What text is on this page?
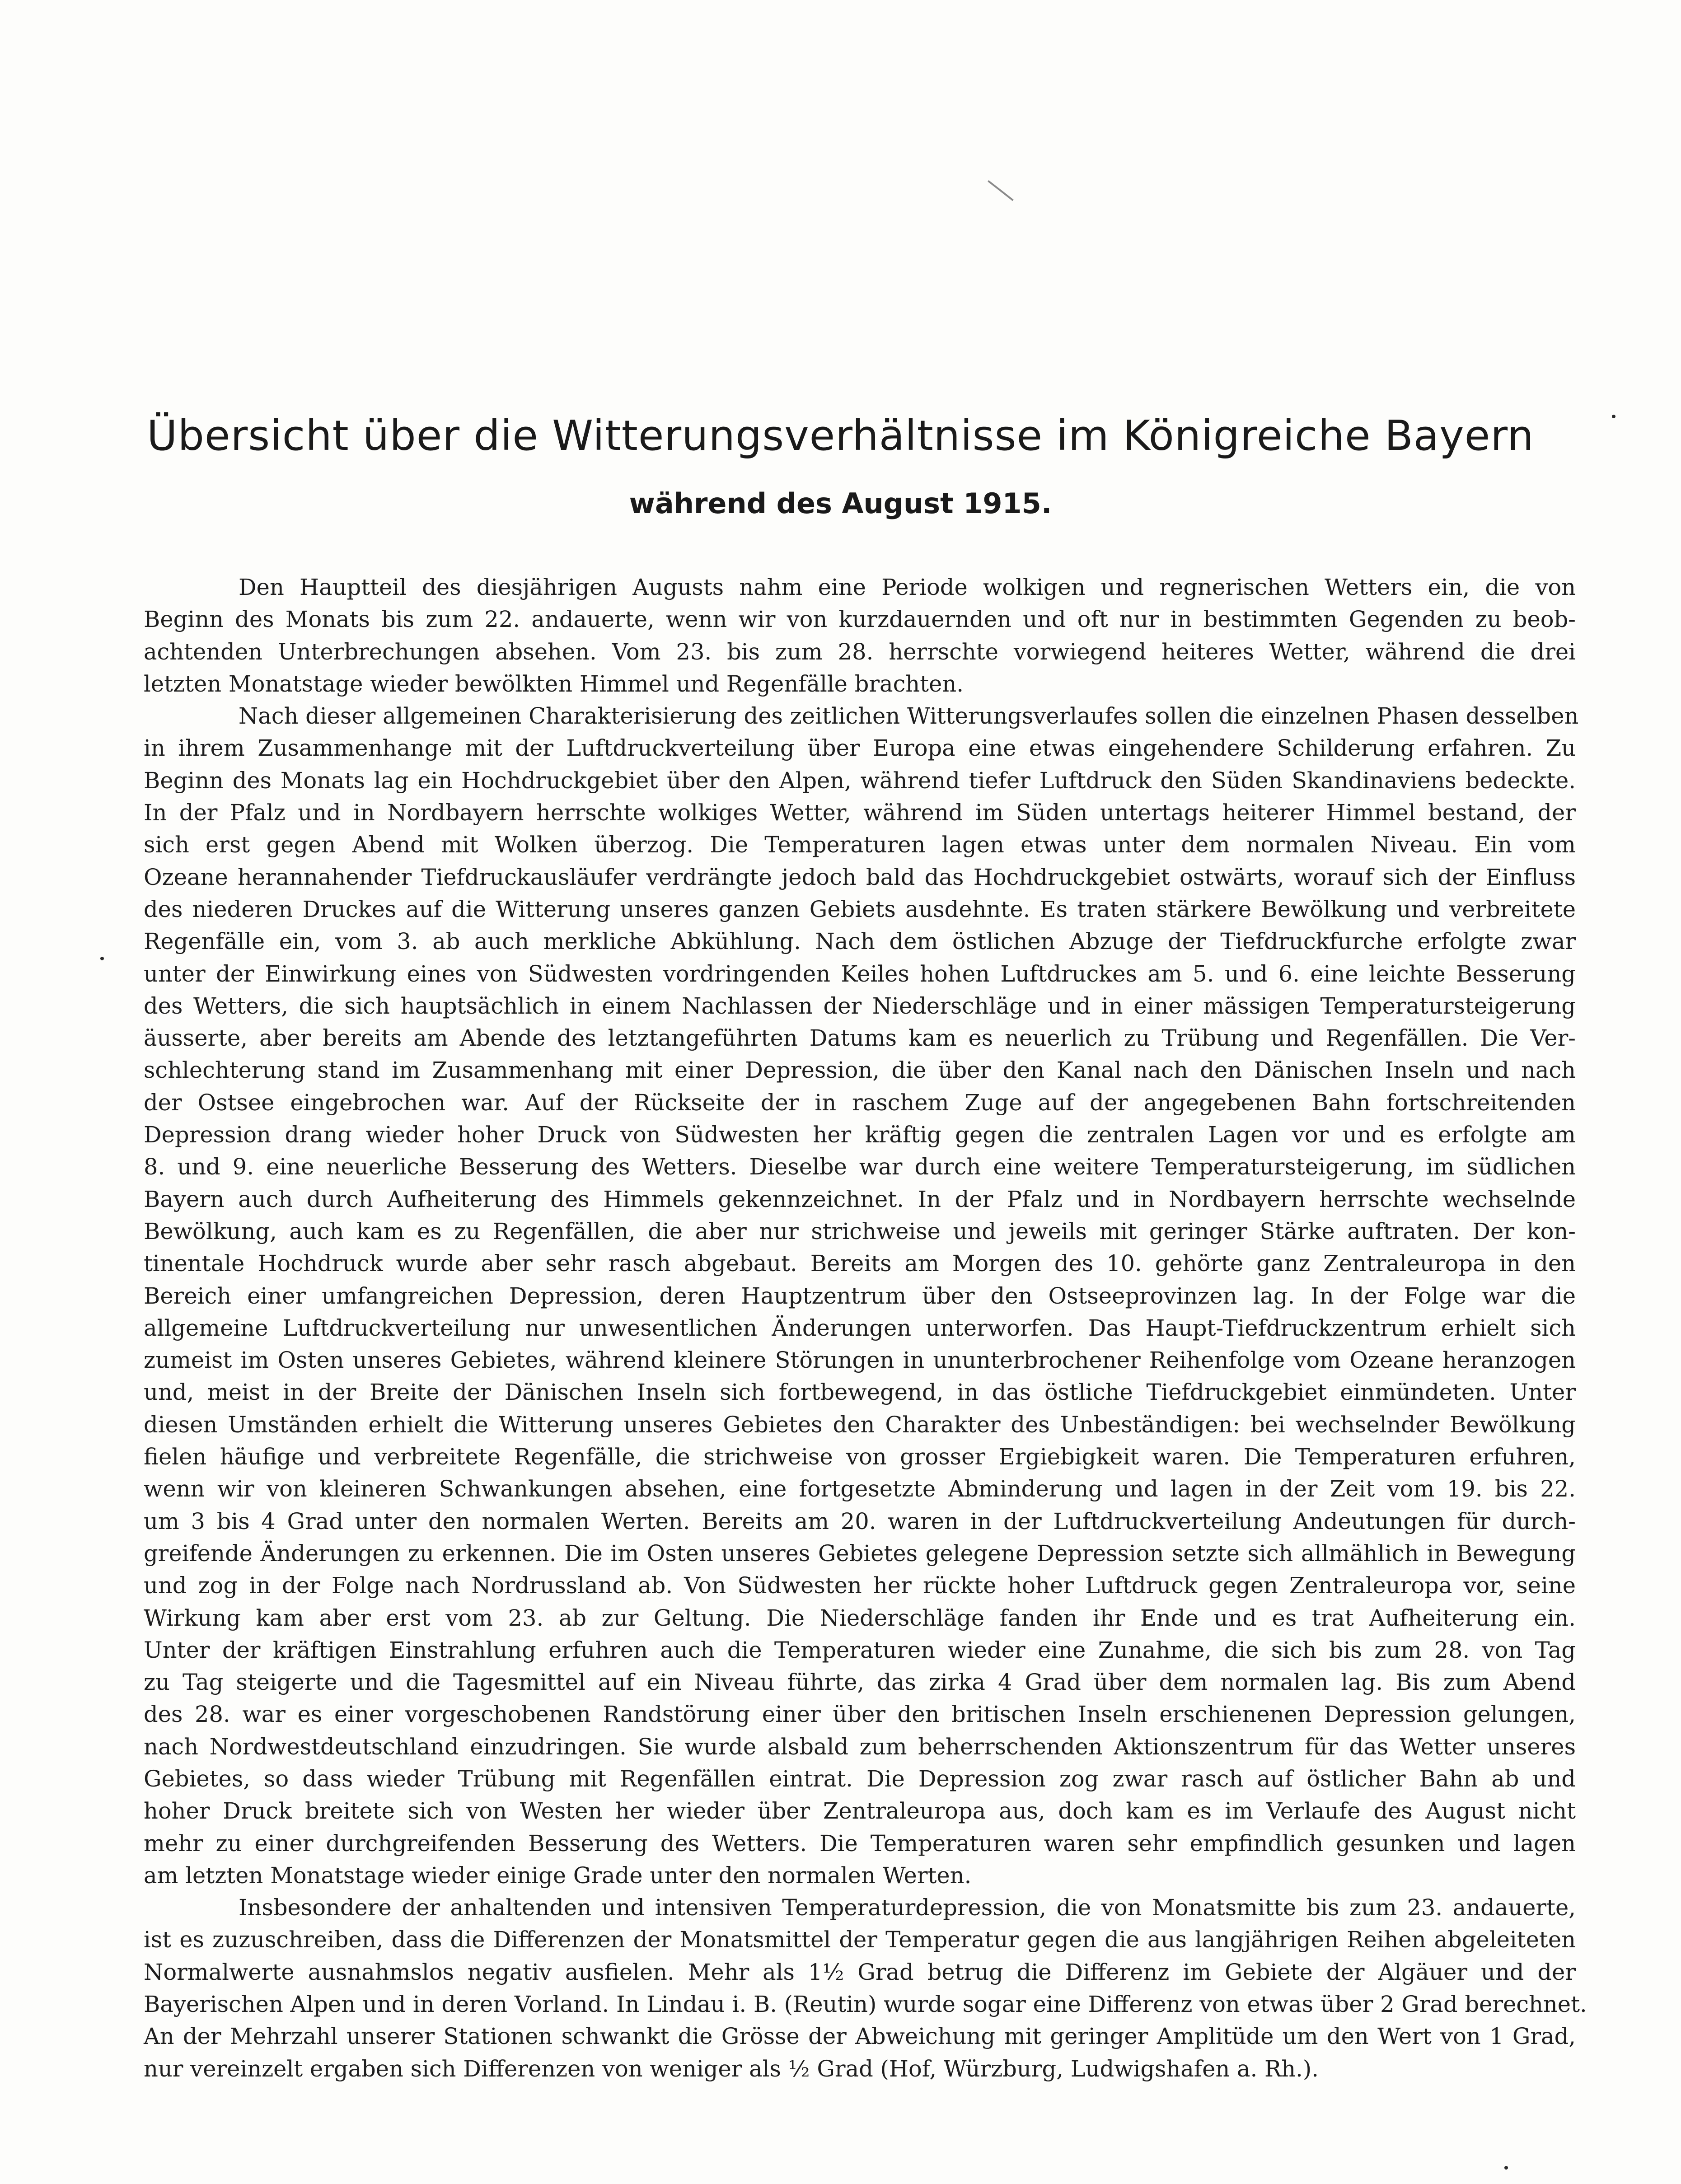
Übersicht über die Witterungsverhältnisse im Königreiche Bayern
während des August 1915.
Den Hauptteil des diesjährigen Augusts nahm eine Periode wolkigen und regnerischen Wetters ein, die von
Beginn des Monats bis zum 22. andauerte, wenn wir von kurzdauernden und oft nur in bestimmten Gegenden zu beob-
achtenden Unterbrechungen absehen. Vom 23. bis zum 28. herrschte vorwiegend heiteres Wetter, während die drei
letzten Monatstage wieder bewölkten Himmel und Regenfälle brachten.
Nach dieser allgemeinen Charakterisierung des zeitlichen Witterungsverlaufes sollen die einzelnen Phasen desselben
in ihrem Zusammenhange mit der Luftdruckverteilung über Europa eine etwas eingehendere Schilderung erfahren. Zu
Beginn des Monats lag ein Hochdruckgebiet über den Alpen, während tiefer Luftdruck den Süden Skandinaviens bedeckte.
In der Pfalz und in Nordbayern herrschte wolkiges Wetter, während im Süden untertags heiterer Himmel bestand, der
sich erst gegen Abend mit Wolken überzog. Die Temperaturen lagen etwas unter dem normalen Niveau. Ein vom
Ozeane herannahender Tiefdruckausläufer verdrängte jedoch bald das Hochdruckgebiet ostwärts, worauf sich der Einfluss
des niederen Druckes auf die Witterung unseres ganzen Gebiets ausdehnte. Es traten stärkere Bewölkung und verbreitete
Regenfälle ein, vom 3. ab auch merkliche Abkühlung. Nach dem östlichen Abzuge der Tiefdruckfurche erfolgte zwar
unter der Einwirkung eines von Südwesten vordringenden Keiles hohen Luftdruckes am 5. und 6. eine leichte Besserung
des Wetters, die sich hauptsächlich in einem Nachlassen der Niederschläge und in einer mässigen Temperatursteigerung
äusserte, aber bereits am Abende des letztangeführten Datums kam es neuerlich zu Trübung und Regenfällen. Die Ver-
schlechterung stand im Zusammenhang mit einer Depression, die über den Kanal nach den Dänischen Inseln und nach
der Ostsee eingebrochen war. Auf der Rückseite der in raschem Zuge auf der angegebenen Bahn fortschreitenden
Depression drang wieder hoher Druck von Südwesten her kräftig gegen die zentralen Lagen vor und es erfolgte am
8. und 9. eine neuerliche Besserung des Wetters. Dieselbe war durch eine weitere Temperatursteigerung, im südlichen
Bayern auch durch Aufheiterung des Himmels gekennzeichnet. In der Pfalz und in Nordbayern herrschte wechselnde
Bewölkung, auch kam es zu Regenfällen, die aber nur strichweise und jeweils mit geringer Stärke auftraten. Der kon-
tinentale Hochdruck wurde aber sehr rasch abgebaut. Bereits am Morgen des 10. gehörte ganz Zentraleuropa in den
Bereich einer umfangreichen Depression, deren Hauptzentrum über den Ostseeprovinzen lag. In der Folge war die
allgemeine Luftdruckverteilung nur unwesentlichen Änderungen unterworfen. Das Haupt-Tiefdruckzentrum erhielt sich
zumeist im Osten unseres Gebietes, während kleinere Störungen in ununterbrochener Reihenfolge vom Ozeane heranzogen
und, meist in der Breite der Dänischen Inseln sich fortbewegend, in das östliche Tiefdruckgebiet einmündeten. Unter
diesen Umständen erhielt die Witterung unseres Gebietes den Charakter des Unbeständigen: bei wechselnder Bewölkung
fielen häufige und verbreitete Regenfälle, die strichweise von grosser Ergiebigkeit waren. Die Temperaturen erfuhren,
wenn wir von kleineren Schwankungen absehen, eine fortgesetzte Abminderung und lagen in der Zeit vom 19. bis 22.
um 3 bis 4 Grad unter den normalen Werten. Bereits am 20. waren in der Luftdruckverteilung Andeutungen für durch-
greifende Änderungen zu erkennen. Die im Osten unseres Gebietes gelegene Depression setzte sich allmählich in Bewegung
und zog in der Folge nach Nordrussland ab. Von Südwesten her rückte hoher Luftdruck gegen Zentraleuropa vor, seine
Wirkung kam aber erst vom 23. ab zur Geltung. Die Niederschläge fanden ihr Ende und es trat Aufheiterung ein.
Unter der kräftigen Einstrahlung erfuhren auch die Temperaturen wieder eine Zunahme, die sich bis zum 28. von Tag
zu Tag steigerte und die Tagesmittel auf ein Niveau führte, das zirka 4 Grad über dem normalen lag. Bis zum Abend
des 28. war es einer vorgeschobenen Randstörung einer über den britischen Inseln erschienenen Depression gelungen,
nach Nordwestdeutschland einzudringen. Sie wurde alsbald zum beherrschenden Aktionszentrum für das Wetter unseres
Gebietes, so dass wieder Trübung mit Regenfällen eintrat. Die Depression zog zwar rasch auf östlicher Bahn ab und
hoher Druck breitete sich von Westen her wieder über Zentraleuropa aus, doch kam es im Verlaufe des August nicht
mehr zu einer durchgreifenden Besserung des Wetters. Die Temperaturen waren sehr empfindlich gesunken und lagen
am letzten Monatstage wieder einige Grade unter den normalen Werten.
Insbesondere der anhaltenden und intensiven Temperaturdepression, die von Monatsmitte bis zum 23. andauerte,
ist es zuzuschreiben, dass die Differenzen der Monatsmittel der Temperatur gegen die aus langjährigen Reihen abgeleiteten
Normalwerte ausnahmslos negativ ausfielen. Mehr als 1½ Grad betrug die Differenz im Gebiete der Algäuer und der
Bayerischen Alpen und in deren Vorland. In Lindau i. B. (Reutin) wurde sogar eine Differenz von etwas über 2 Grad berechnet.
An der Mehrzahl unserer Stationen schwankt die Grösse der Abweichung mit geringer Amplitüde um den Wert von 1 Grad,
nur vereinzelt ergaben sich Differenzen von weniger als ½ Grad (Hof, Würzburg, Ludwigshafen a. Rh.).
